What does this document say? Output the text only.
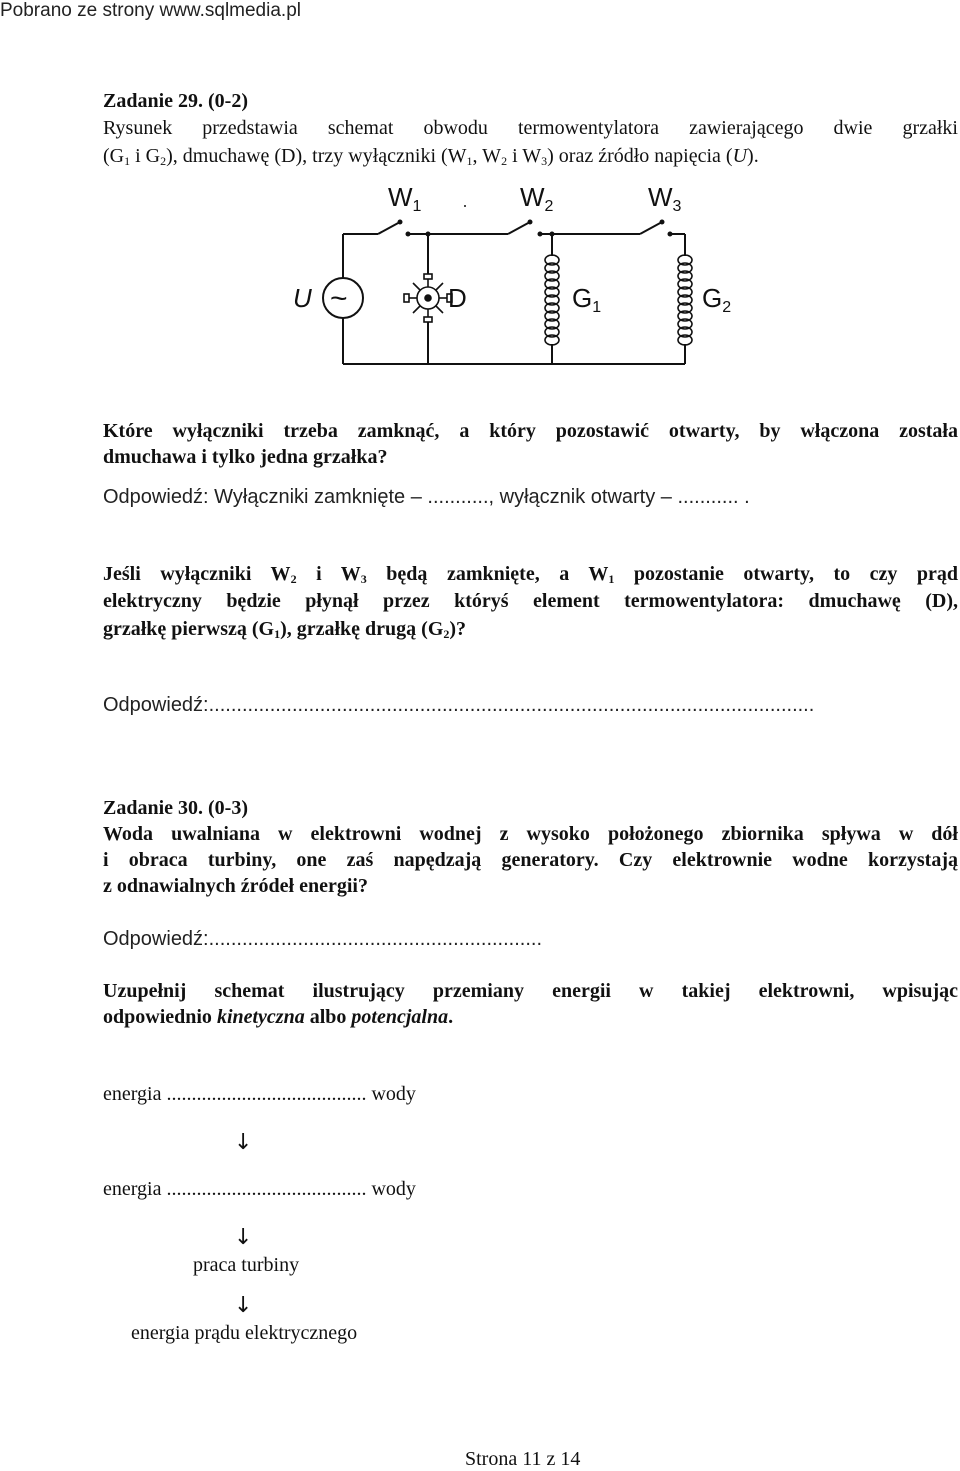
Pobrano ze strony www.sqlmedia.pl
Zadanie 29. (0-2)
Rysunek przedstawia schemat obwodu termowentylatora zawierającego dwie grzałki
($G_1$ i $G_2$), dmuchawę (D), trzy wyłączniki ($W_1$, $W_2$ i $W_3$) oraz źródło napięcia (U).
W1	W2	W3
U ~	D	G1	G2
Które wyłączniki trzeba zamknąć, a który pozostawić otwarty, by włączona została
dmuchawa i tylko jedna grzałka?
Odpowiedź: Wyłączniki zamknięte – ..........., wyłącznik otwarty – ........... .
Jeśli wyłączniki $W_2$ i $W_3$ będą zamknięte, a $W_1$ pozostanie otwarty, to czy prąd
elektryczny będzie płynął przez któryś element termowentylatora: dmuchawę (D),
grzałkę pierwszą $(G_1)$, grzałkę drugą $(G_2)$?
Odpowiedź:.............................................................................................................
Zadanie 30. (0-3)
Woda uwalniana w elektrowni wodnej z wysoko położonego zbiornika spływa w dół
i obraca turbiny, one zaś napędzają generatory. Czy elektrownie wodne korzystają
z odnawialnych źródeł energii?
Odpowiedź:............................................................
Uzupełnij schemat ilustrujący przemiany energii w takiej elektrowni, wpisując
odpowiednio kinetyczna albo potencjalna.
energia ........................................ wody
↓
energia ........................................ wody
↓
praca turbiny
↓
energia prądu elektrycznego
Strona 11 z 14
